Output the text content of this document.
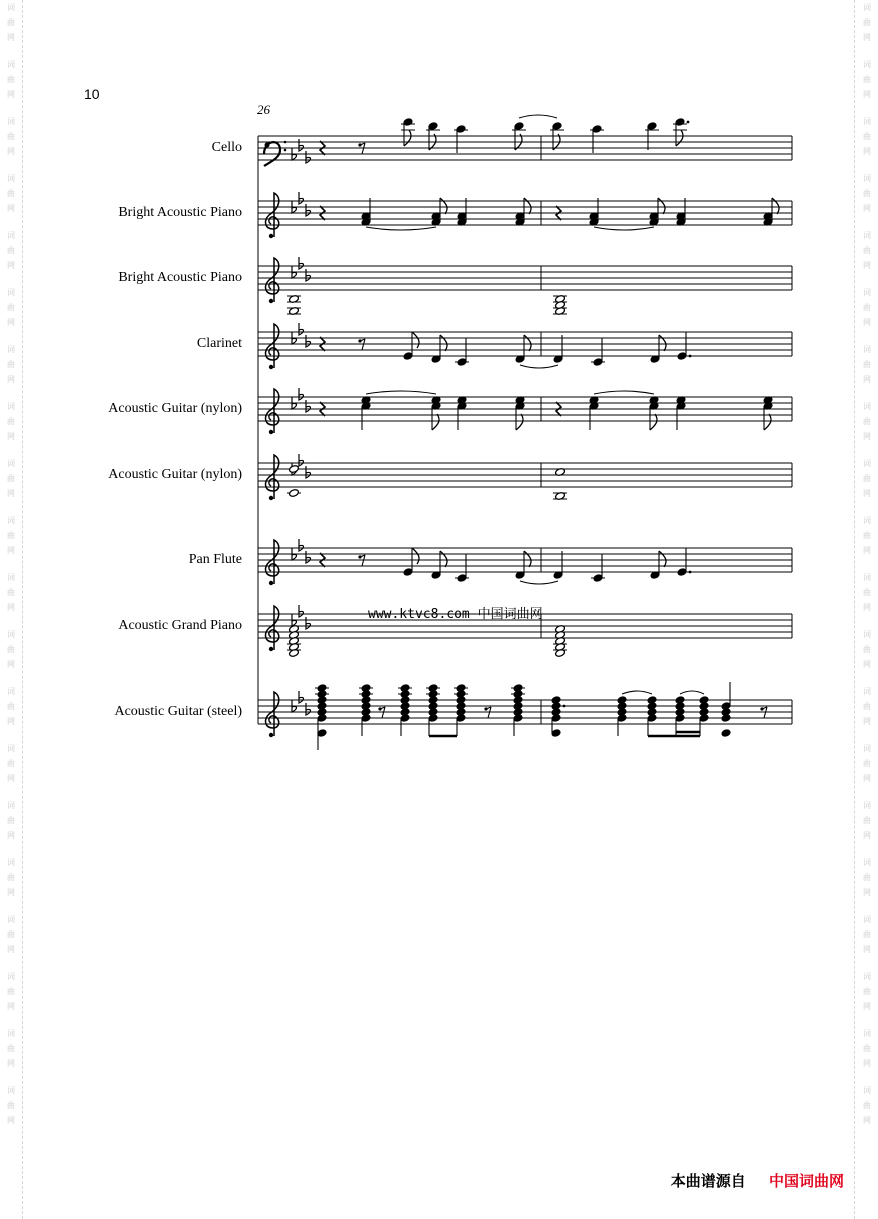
词
曲
网
词
曲
网
词
曲
网
词
曲
网
词
曲
网
词
曲
网
词
曲
网
词
曲
网
词
曲
网
词
曲
网
词
曲
网
词
曲
网
词
曲
网
词
曲
网
词
曲
网
词
曲
网
词
曲
网
词
曲
网
词
曲
网
词
曲
网
词
曲
网
词
曲
网
词
曲
网
词
曲
网
词
曲
网
词
曲
网
词
曲
网
词
曲
网
词
曲
网
词
曲
网
词
曲
网
词
曲
网
词
曲
网
词
曲
网
词
曲
网
词
曲
网
词
曲
网
词
曲
网
词
曲
网
词
曲
网
10
26
Cello
Bright Acoustic Piano
Bright Acoustic Piano
Clarinet
Acoustic Guitar (nylon)
Acoustic Guitar (nylon)
Pan Flute
Acoustic Grand Piano
Acoustic Guitar (steel)
www.ktvc8.com 中国词曲网
本曲谱源自 中国词曲网
